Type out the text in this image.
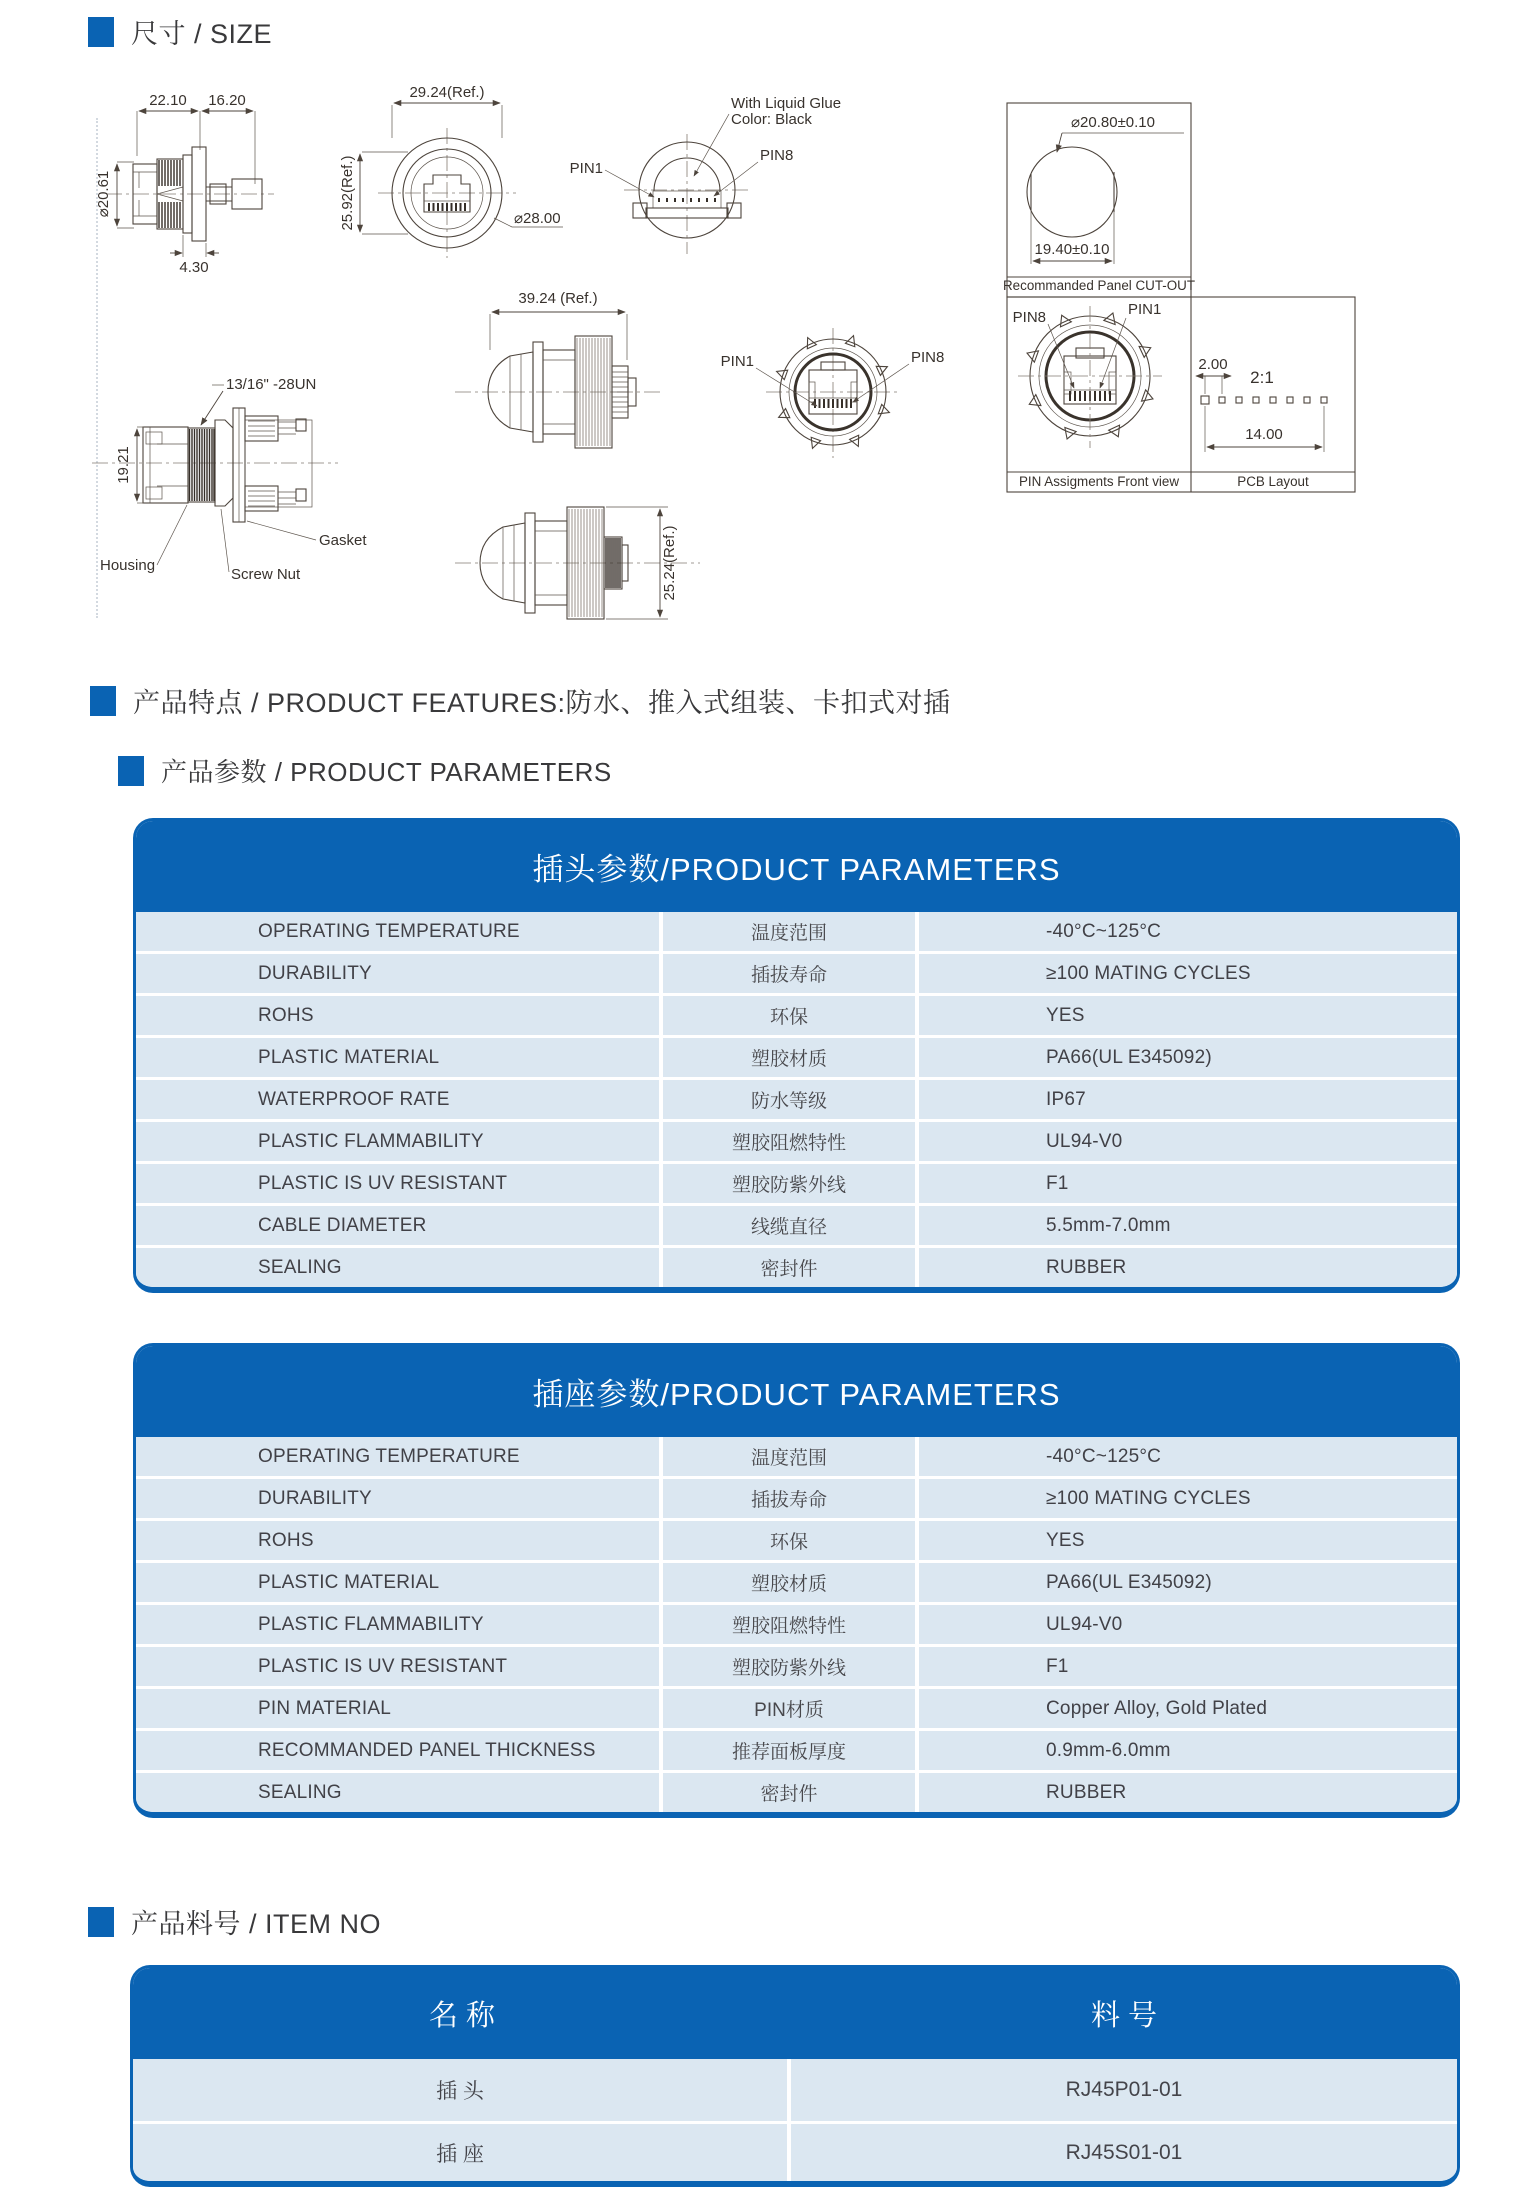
尺寸 / SIZE
22.10 16.20
⌀20.61
4.30
29.24(Ref.)
25.92(Ref.)	⌀28.00
PIN1
PIN8
With Liquid Glue
Color: Black
Recommanded Panel CUT-OUT
PIN Assigments Front view	PCB Layout
19.40±0.10
⌀20.80±0.10
PIN8	PIN1
2.00
2:1
14.00
39.24 (Ref.)
PIN1	PIN8
19.21
13/16" -28UN
Housing
Screw Nut
Gasket	25.24(Ref.)
产品特点 / PRODUCT FEATURES:防水、推入式组装、卡扣式对插
产品参数 / PRODUCT PARAMETERS
插头参数/PRODUCT PARAMETERS
OPERATING TEMPERATURE	温度范围	-40°C~125°C
DURABILITY	插拔寿命	≥100 MATING CYCLES
ROHS	环保	YES
PLASTIC MATERIAL	塑胶材质	PA66(UL E345092)
WATERPROOF RATE	防水等级	IP67
PLASTIC FLAMMABILITY	塑胶阻燃特性	UL94-V0
PLASTIC IS UV RESISTANT	塑胶防紫外线	F1
CABLE DIAMETER	线缆直径	5.5mm-7.0mm
SEALING	密封件	RUBBER
插座参数/PRODUCT PARAMETERS
OPERATING TEMPERATURE	温度范围	-40°C~125°C
DURABILITY	插拔寿命	≥100 MATING CYCLES
ROHS	环保	YES
PLASTIC MATERIAL	塑胶材质	PA66(UL E345092)
PLASTIC FLAMMABILITY	塑胶阻燃特性	UL94-V0
PLASTIC IS UV RESISTANT	塑胶防紫外线	F1
PIN MATERIAL	PIN材质	Copper Alloy, Gold Plated
RECOMMANDED PANEL THICKNESS	推荐面板厚度	0.9mm-6.0mm
SEALING	密封件	RUBBER
产品料号 / ITEM NO
名 称	料 号
插 头	RJ45P01-01
插 座	RJ45S01-01
